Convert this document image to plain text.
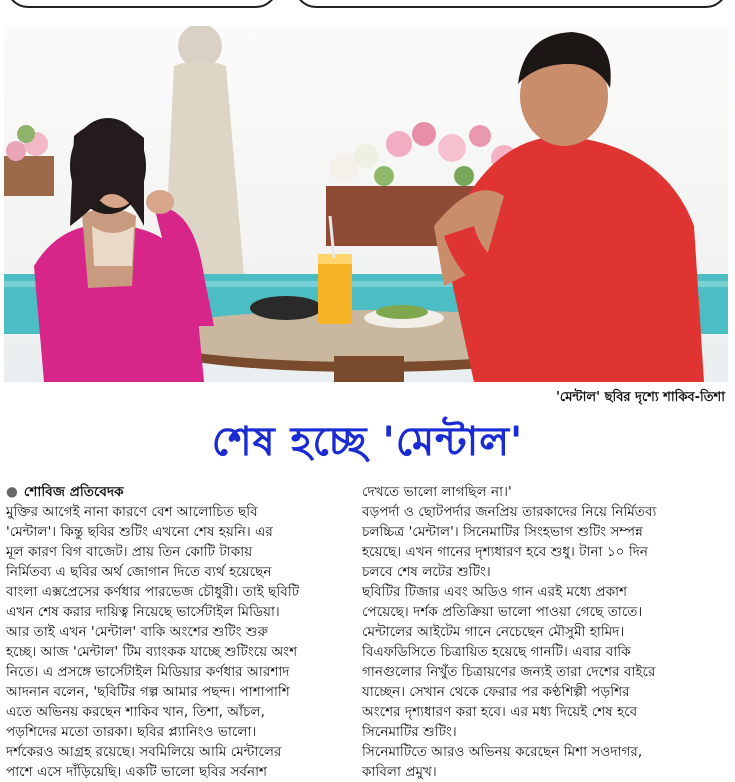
'মেন্টাল' ছবির দৃশ্যে শাকিব-তিশা
শেষ হচ্ছে 'মেন্টাল'

● শোবিজ প্রতিবেদক

মুক্তির আগেই নানা কারণে বেশ আলোচিত ছবি

'মেন্টাল'। কিন্তু ছবির শুটিং এখনো শেষ হয়নি। এর

মূল কারণ বিগ বাজেট। প্রায় তিন কোটি টাকায়

নির্মিতব্য এ ছবির অর্থ জোগান দিতে ব্যর্থ হয়েছেন

বাংলা এক্সপ্রেসের কর্ণধার পারভেজ চৌধুরী। তাই ছবিটি

এখন শেষ করার দায়িত্ব নিয়েছে ভার্সেটাইল মিডিয়া।

আর তাই এখন 'মেন্টাল' বাকি অংশের শুটিং শুরু

হচ্ছে। আজ 'মেন্টাল' টিম ব্যাংকক যাচ্ছে শুটিংয়ে অংশ

নিতে। এ প্রসঙ্গে ভার্সেটাইল মিডিয়ার কর্ণধার আরশাদ

আদনান বলেন, 'ছবিটির গল্প আমার পছন্দ। পাশাপাশি

এতে অভিনয় করছেন শাকিব খান, তিশা, আঁচল,

পড়শিদের মতো তারকা। ছবির প্ল্যানিংও ভালো।

দর্শকেরও আগ্রহ রয়েছে। সবমিলিয়ে আমি মেন্টালের

পাশে এসে দাঁড়িয়েছি। একটি ভালো ছবির সর্বনাশ

দেখতে ভালো লাগছিল না।'

বড়পর্দা ও ছোটপর্দার জনপ্রিয় তারকাদের নিয়ে নির্মিতব্য

চলচ্চিত্র 'মেন্টাল'। সিনেমাটির সিংহভাগ শুটিং সম্পন্ন

হয়েছে। এখন গানের দৃশ্যধারণ হবে শুধু। টানা ১০ দিন

চলবে শেষ লটের শুটিং।

ছবিটির টিজার এবং অডিও গান এরই মধ্যে প্রকাশ

পেয়েছে। দর্শক প্রতিক্রিয়া ভালো পাওয়া গেছে তাতে।

মেন্টালের আইটেম গানে নেচেছেন মৌসুমী হামিদ।

বিএফডিসিতে চিত্রায়িত হয়েছে গানটি। এবার বাকি

গানগুলোর নিখুঁত চিত্রায়ণের জন্যই তারা দেশের বাইরে

যাচ্ছেন। সেখান থেকে ফেরার পর কণ্ঠশিল্পী পড়শির

অংশের দৃশ্যধারণ করা হবে। এর মধ্য দিয়েই শেষ হবে

সিনেমাটির শুটিং।

সিনেমাটিতে আরও অভিনয় করেছেন মিশা সওদাগর,

কাবিলা প্রমুখ।
